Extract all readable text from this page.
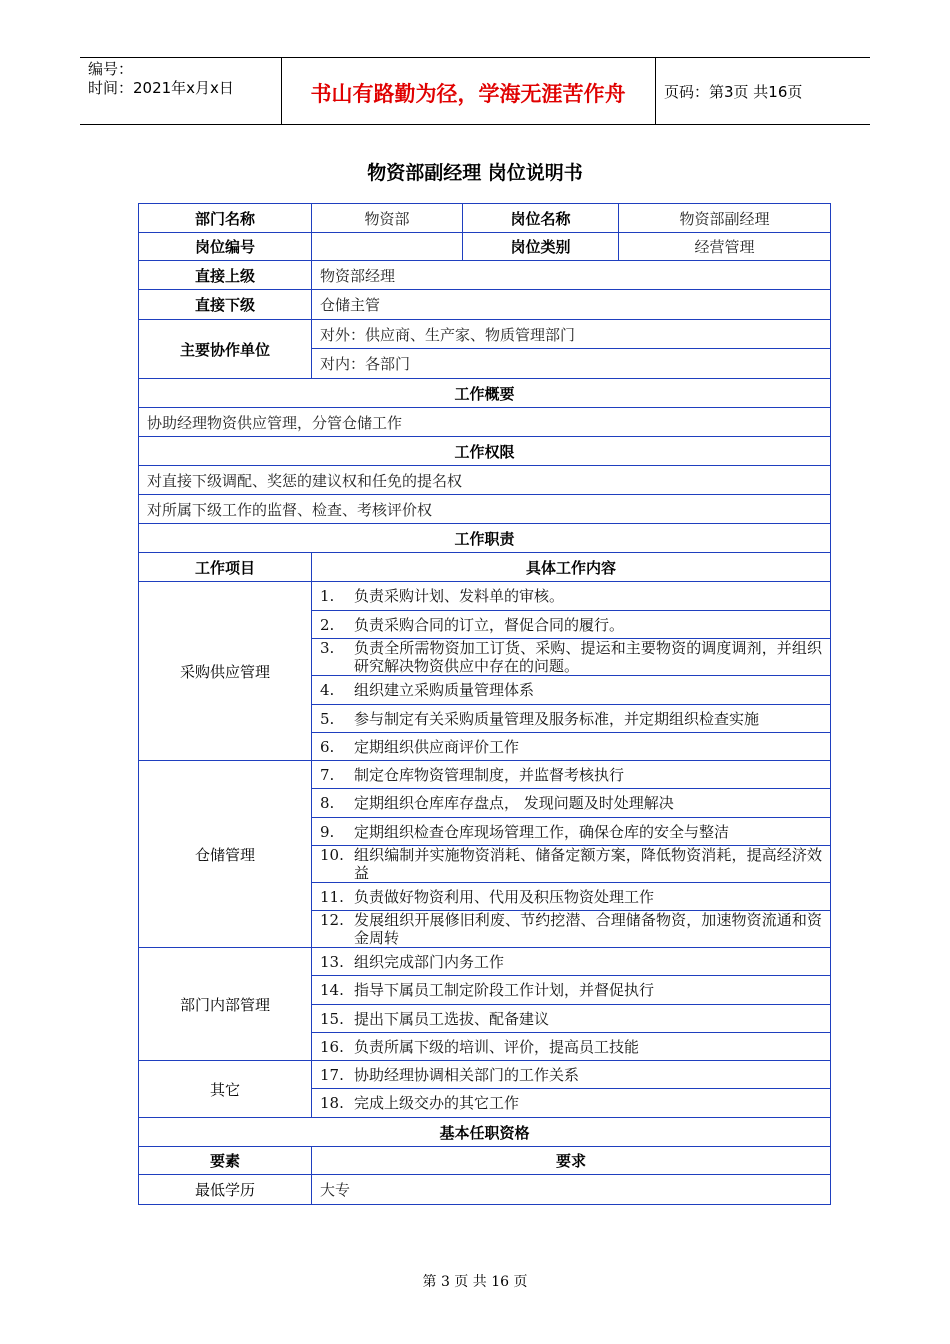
编号：
时间：2021年x月x日	书山有路勤为径，学海无涯苦作舟	页码：第3页 共16页
物资部副经理 岗位说明书
部门名称	物资部	岗位名称	物资部副经理
岗位编号		岗位类别	经营管理
直接上级	物资部经理		
直接下级	仓储主管		
主要协作单位	对外：供应商、生产家、物质管理部门		
	对内：各部门		
工作概要			
协助经理物资供应管理，分管仓储工作			
工作权限			
对直接下级调配、奖惩的建议权和任免的提名权			
对所属下级工作的监督、检查、考核评价权			
工作职责			
工作项目	具体工作内容		
采购供应管理	1. 负责采购计划、发料单的审核。		
	2. 负责采购合同的订立，督促合同的履行。		

	3. 负责全所需物资加工订货、采购、提运和主要物资的调度调剂，并组织研究解决物资供应中存在的问题。		

	4. 组织建立采购质量管理体系		
	5. 参与制定有关采购质量管理及服务标准，并定期组织检查实施		
	6. 定期组织供应商评价工作		
仓储管理	7. 制定仓库物资管理制度，并监督考核执行		
	8. 定期组织仓库库存盘点， 发现问题及时处理解决		
	9. 定期组织检查仓库现场管理工作，确保仓库的安全与整洁		

	10. 组织编制并实施物资消耗、储备定额方案，降低物资消耗，提高经济效益		

	11. 负责做好物资利用、代用及积压物资处理工作		

	12. 发展组织开展修旧利废、节约挖潜、合理储备物资，加速物资流通和资金周转		

部门内部管理	13. 组织完成部门内务工作		
	14. 指导下属员工制定阶段工作计划，并督促执行		
	15. 提出下属员工选拔、配备建议		
	16. 负责所属下级的培训、评价，提高员工技能		
其它	17. 协助经理协调相关部门的工作关系		
	18. 完成上级交办的其它工作		
基本任职资格			
要素	要求		
最低学历	大专		
第 3 页 共 16 页
